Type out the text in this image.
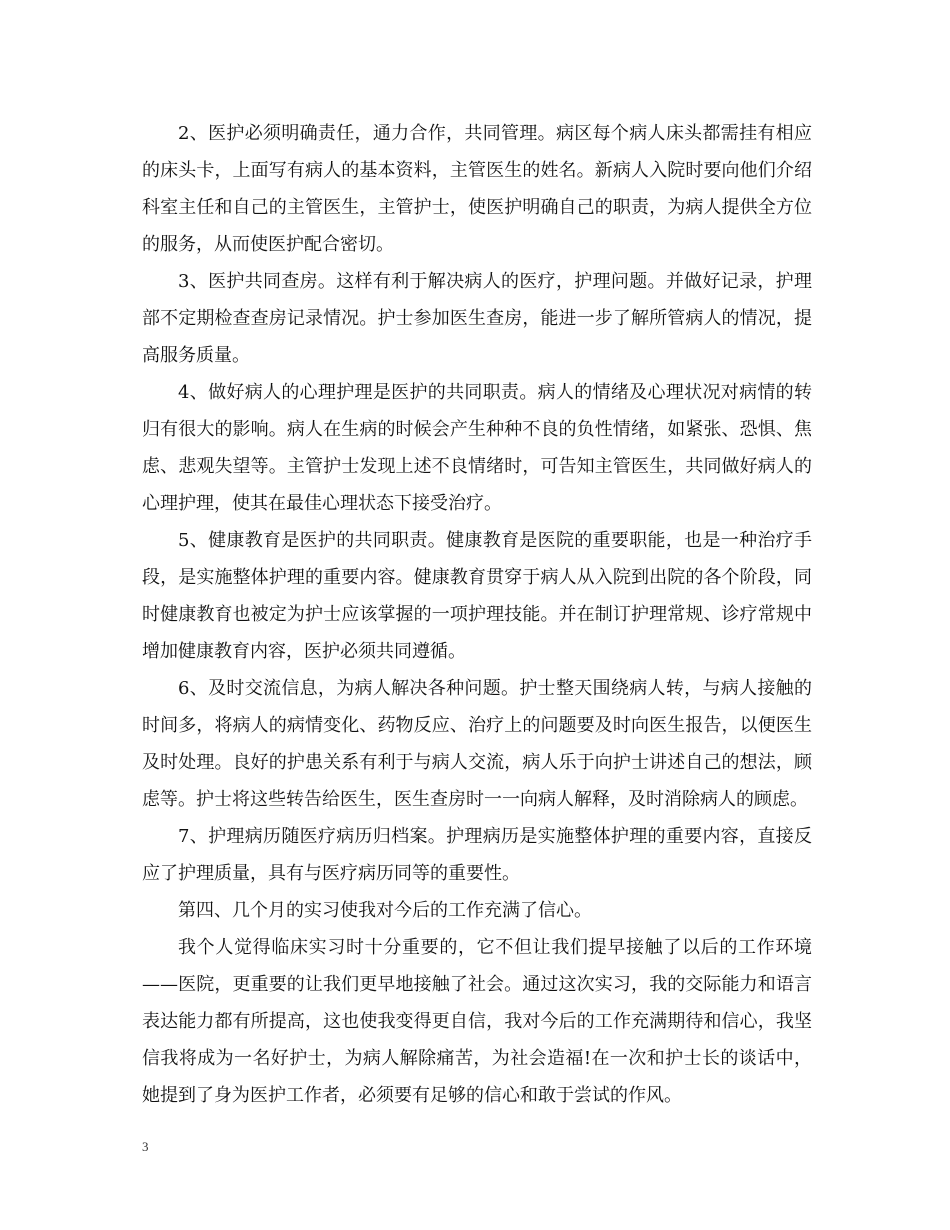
2、医护必须明确责任，通力合作，共同管理。病区每个病人床头都需挂有相应的床头卡，上面写有病人的基本资料，主管医生的姓名。新病人入院时要向他们介绍科室主任和自己的主管医生，主管护士，使医护明确自己的职责，为病人提供全方位的服务，从而使医护配合密切。

3、医护共同查房。这样有利于解决病人的医疗，护理问题。并做好记录，护理部不定期检查查房记录情况。护士参加医生查房，能进一步了解所管病人的情况，提高服务质量。

4、做好病人的心理护理是医护的共同职责。病人的情绪及心理状况对病情的转归有很大的影响。病人在生病的时候会产生种种不良的负性情绪，如紧张、恐惧、焦虑、悲观失望等。主管护士发现上述不良情绪时，可告知主管医生，共同做好病人的心理护理，使其在最佳心理状态下接受治疗。

5、健康教育是医护的共同职责。健康教育是医院的重要职能，也是一种治疗手段，是实施整体护理的重要内容。健康教育贯穿于病人从入院到出院的各个阶段，同时健康教育也被定为护士应该掌握的一项护理技能。并在制订护理常规、诊疗常规中增加健康教育内容，医护必须共同遵循。

6、及时交流信息，为病人解决各种问题。护士整天围绕病人转，与病人接触的时间多，将病人的病情变化、药物反应、治疗上的问题要及时向医生报告，以便医生及时处理。良好的护患关系有利于与病人交流，病人乐于向护士讲述自己的想法，顾虑等。护士将这些转告给医生，医生查房时一一向病人解释，及时消除病人的顾虑。

7、护理病历随医疗病历归档案。护理病历是实施整体护理的重要内容，直接反应了护理质量，具有与医疗病历同等的重要性。

第四、几个月的实习使我对今后的工作充满了信心。

我个人觉得临床实习时十分重要的，它不但让我们提早接触了以后的工作环境——医院，更重要的让我们更早地接触了社会。通过这次实习，我的交际能力和语言表达能力都有所提高，这也使我变得更自信，我对今后的工作充满期待和信心，我坚信我将成为一名好护士，为病人解除痛苦，为社会造福!在一次和护士长的谈话中，她提到了身为医护工作者，必须要有足够的信心和敢于尝试的作风。

3
